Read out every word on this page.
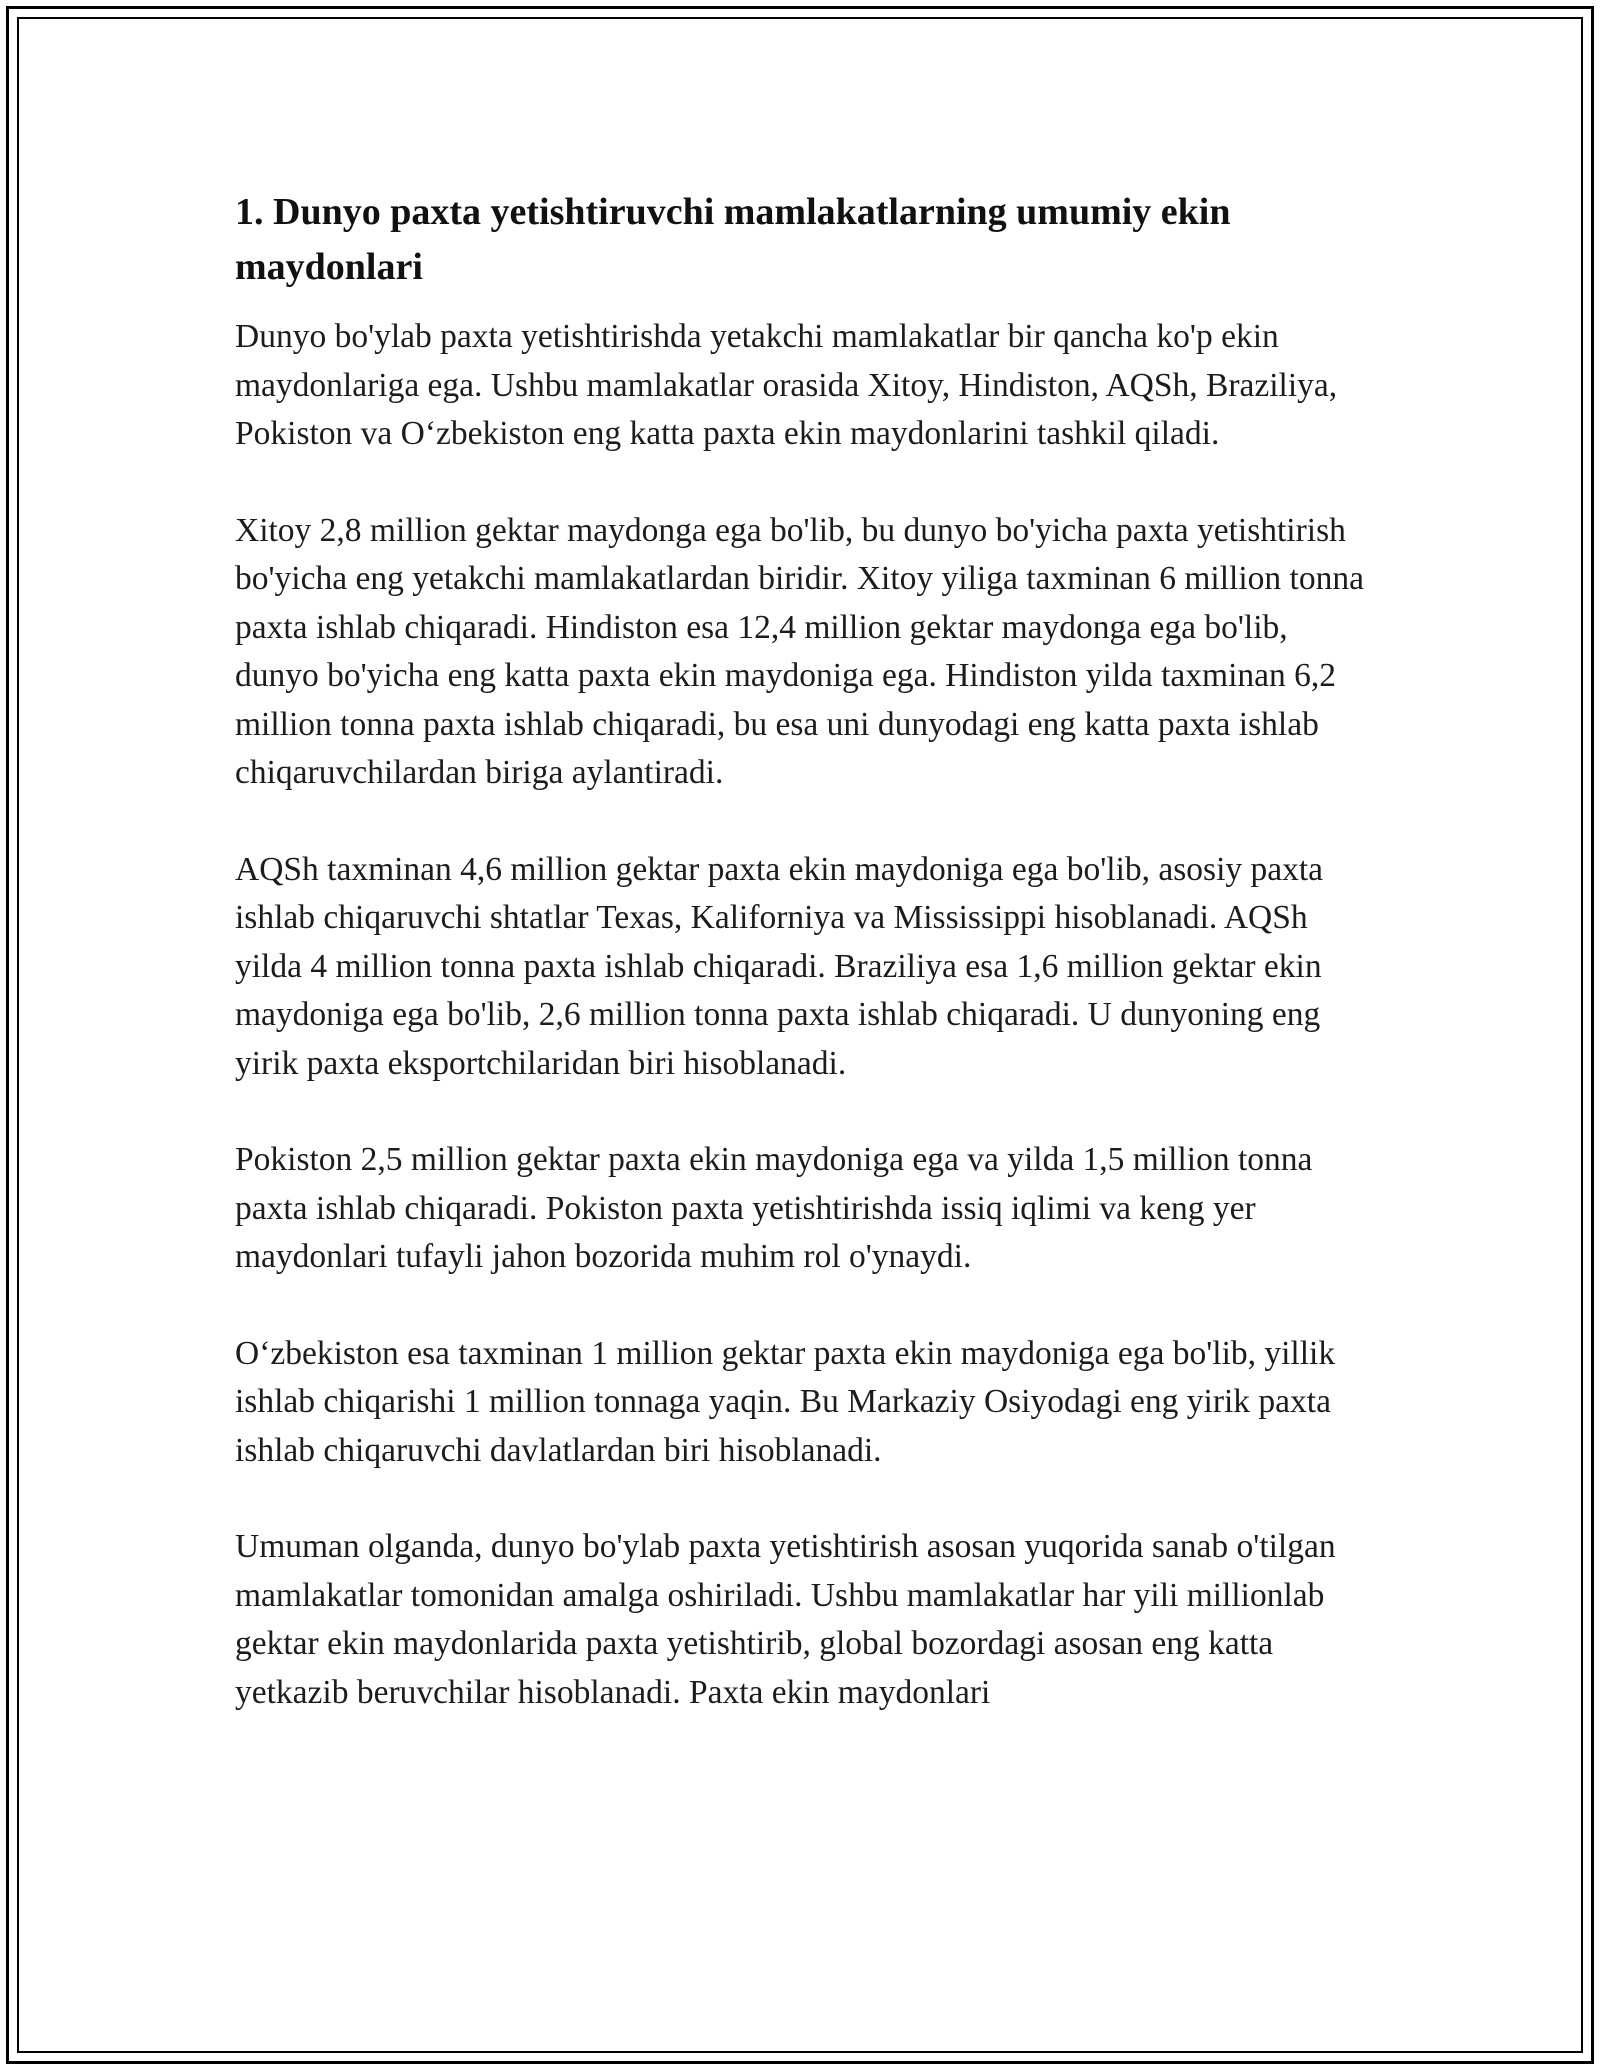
1. Dunyo paxta yetishtiruvchi mamlakatlarning umumiy ekin maydonlari

Dunyo bo'ylab paxta yetishtirishda yetakchi mamlakatlar bir qancha ko'p ekin maydonlariga ega. Ushbu mamlakatlar orasida Xitoy, Hindiston, AQSh, Braziliya, Pokiston va O‘zbekiston eng katta paxta ekin maydonlarini tashkil qiladi.

Xitoy 2,8 million gektar maydonga ega bo'lib, bu dunyo bo'yicha paxta yetishtirish bo'yicha eng yetakchi mamlakatlardan biridir. Xitoy yiliga taxminan 6 million tonna paxta ishlab chiqaradi. Hindiston esa 12,4 million gektar maydonga ega bo'lib, dunyo bo'yicha eng katta paxta ekin maydoniga ega. Hindiston yilda taxminan 6,2 million tonna paxta ishlab chiqaradi, bu esa uni dunyodagi eng katta paxta ishlab chiqaruvchilardan biriga aylantiradi.

AQSh taxminan 4,6 million gektar paxta ekin maydoniga ega bo'lib, asosiy paxta ishlab chiqaruvchi shtatlar Texas, Kaliforniya va Mississippi hisoblanadi. AQSh yilda 4 million tonna paxta ishlab chiqaradi. Braziliya esa 1,6 million gektar ekin maydoniga ega bo'lib, 2,6 million tonna paxta ishlab chiqaradi. U dunyoning eng yirik paxta eksportchilaridan biri hisoblanadi.

Pokiston 2,5 million gektar paxta ekin maydoniga ega va yilda 1,5 million tonna paxta ishlab chiqaradi. Pokiston paxta yetishtirishda issiq iqlimi va keng yer maydonlari tufayli jahon bozorida muhim rol o'ynaydi.

O‘zbekiston esa taxminan 1 million gektar paxta ekin maydoniga ega bo'lib, yillik ishlab chiqarishi 1 million tonnaga yaqin. Bu Markaziy Osiyodagi eng yirik paxta ishlab chiqaruvchi davlatlardan biri hisoblanadi.

Umuman olganda, dunyo bo'ylab paxta yetishtirish asosan yuqorida sanab o'tilgan mamlakatlar tomonidan amalga oshiriladi. Ushbu mamlakatlar har yili millionlab gektar ekin maydonlarida paxta yetishtirib, global bozordagi asosan eng katta yetkazib beruvchilar hisoblanadi. Paxta ekin maydonlari
